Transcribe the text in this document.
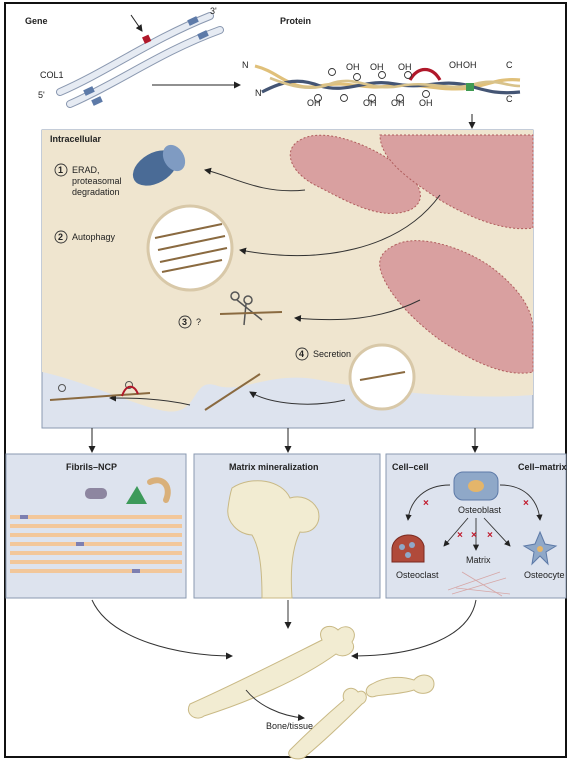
Gene
3'
COL1
5'
Protein
N
N
C
C
OH OH OH	OH OH
OH	OH OH OH
Intracellular
1 ERAD,
proteasomal
degradation
2 Autophagy
3 ?
4 Secretion
Fibrils–NCP	Matrix mineralization	Cell–cell	Cell–matrix
Osteoblast
Osteoclast	Osteocyte
Matrix
×	×
×
× ×
Bone/tissue
